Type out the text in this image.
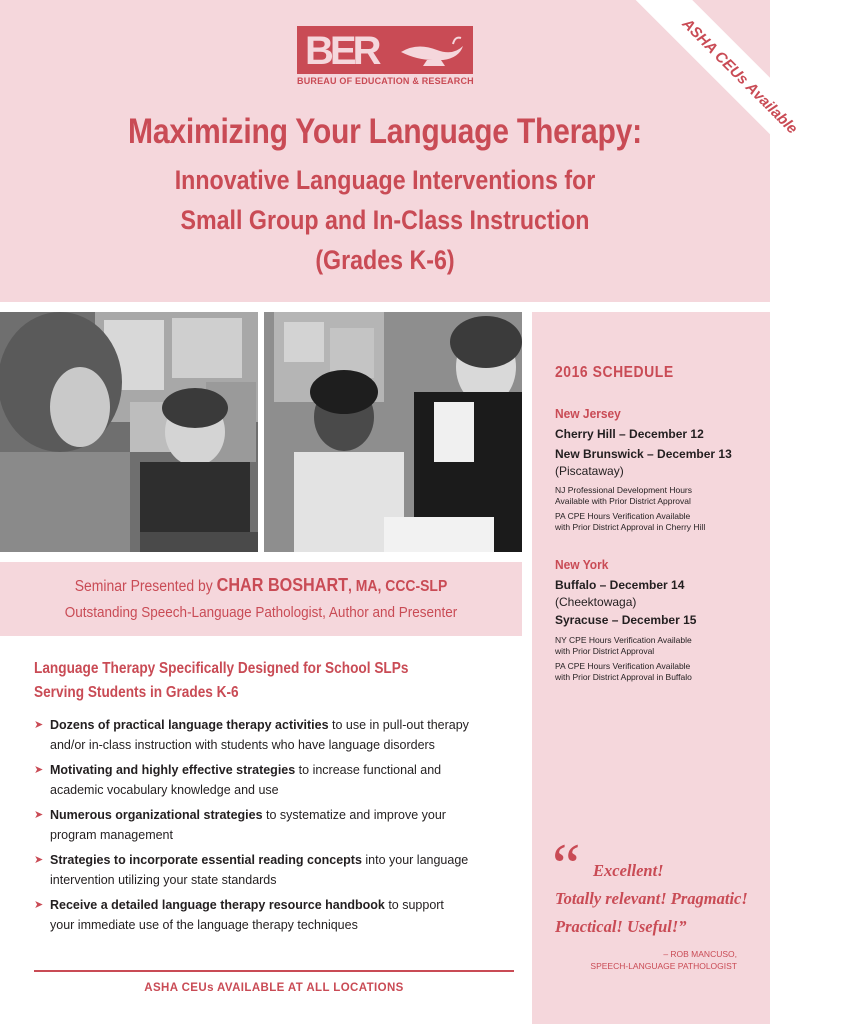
BER
BUREAU OF EDUCATION & RESEARCH	ASHA CEUs Available
Maximizing Your Language Therapy:
Innovative Language Interventions for
Small Group and In-Class Instruction
(Grades K-6)
2016 SCHEDULE
New Jersey
Cherry Hill – December 12
New Brunswick – December 13
(Piscataway)
NJ Professional Development Hours
Available with Prior District Approval
PA CPE Hours Verification Available
with Prior District Approval in Cherry Hill
New York
Buffalo – December 14
(Cheektowaga)
Syracuse – December 15
NY CPE Hours Verification Available
with Prior District Approval
PA CPE Hours Verification Available
with Prior District Approval in Buffalo
“ Excellent!
Totally relevant! Pragmatic!
Practical! Useful!”
– ROB MANCUSO,
SPEECH-LANGUAGE PATHOLOGIST
Seminar Presented by CHAR BOSHART, MA, CCC-SLP
Outstanding Speech-Language Pathologist, Author and Presenter
Language Therapy Specifically Designed for School SLPs
Serving Students in Grades K-6
➤ Dozens of practical language therapy activities to use in pull-out therapy
and/or in-class instruction with students who have language disorders
➤ Motivating and highly effective strategies to increase functional and
academic vocabulary knowledge and use
➤ Numerous organizational strategies to systematize and improve your
program management
➤ Strategies to incorporate essential reading concepts into your language
intervention utilizing your state standards
➤ Receive a detailed language therapy resource handbook to support
your immediate use of the language therapy techniques
ASHA CEUs AVAILABLE AT ALL LOCATIONS
